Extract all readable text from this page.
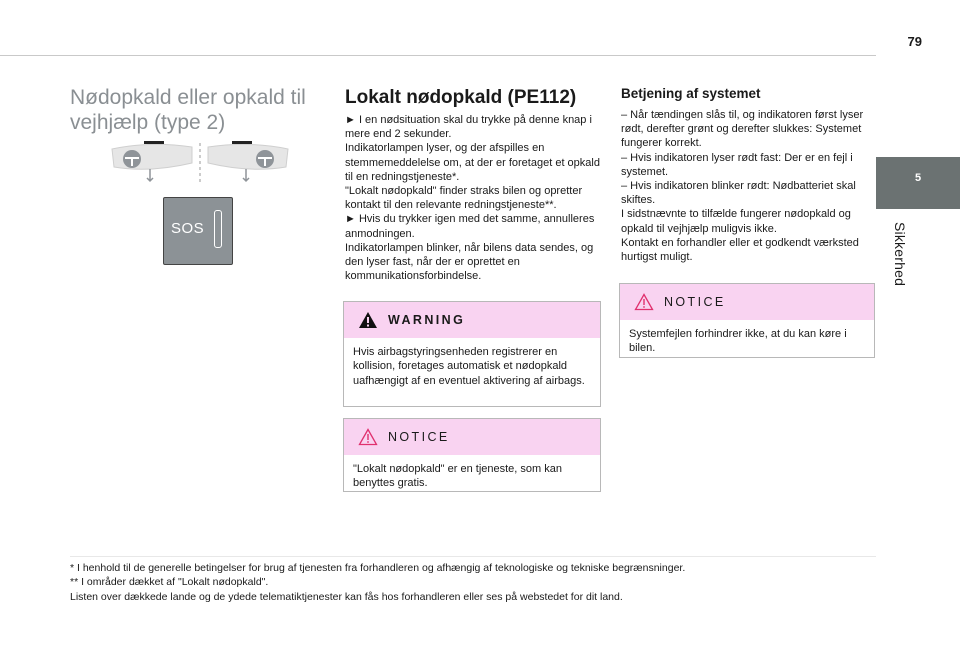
79
5
Sikkerhed
Nødopkald eller opkald til vejhjælp (type 2)
SOS
Lokalt nødopkald (PE112)
► I en nødsituation skal du trykke på denne knap i mere end 2 sekunder.
Indikatorlampen lyser, og der afspilles en stemmemeddelelse om, at der er foretaget et opkald til en redningstjeneste*.
"Lokalt nødopkald" finder straks bilen og opretter kontakt til den relevante redningstjeneste**.
► Hvis du trykker igen med det samme, annulleres anmodningen.
Indikatorlampen blinker, når bilens data sendes, og den lyser fast, når der er oprettet en kommunikationsforbindelse.
WARNING
Hvis airbagstyringsenheden registrerer en kollision, foretages automatisk et nødopkald uafhængigt af en eventuel aktivering af airbags.
NOTICE
"Lokalt nødopkald" er en tjeneste, som kan benyttes gratis.
Betjening af systemet
– Når tændingen slås til, og indikatoren først lyser rødt, derefter grønt og derefter slukkes: Systemet fungerer korrekt.
– Hvis indikatoren lyser rødt fast: Der er en fejl i systemet.
– Hvis indikatoren blinker rødt: Nødbatteriet skal skiftes.
I sidstnævnte to tilfælde fungerer nødopkald og opkald til vejhjælp muligvis ikke.
Kontakt en forhandler eller et godkendt værksted hurtigst muligt.
NOTICE
Systemfejlen forhindrer ikke, at du kan køre i bilen.
* I henhold til de generelle betingelser for brug af tjenesten fra forhandleren og afhængig af teknologiske og tekniske begrænsninger.
** I områder dækket af "Lokalt nødopkald".
Listen over dækkede lande og de ydede telematiktjenester kan fås hos forhandleren eller ses på webstedet for dit land.
